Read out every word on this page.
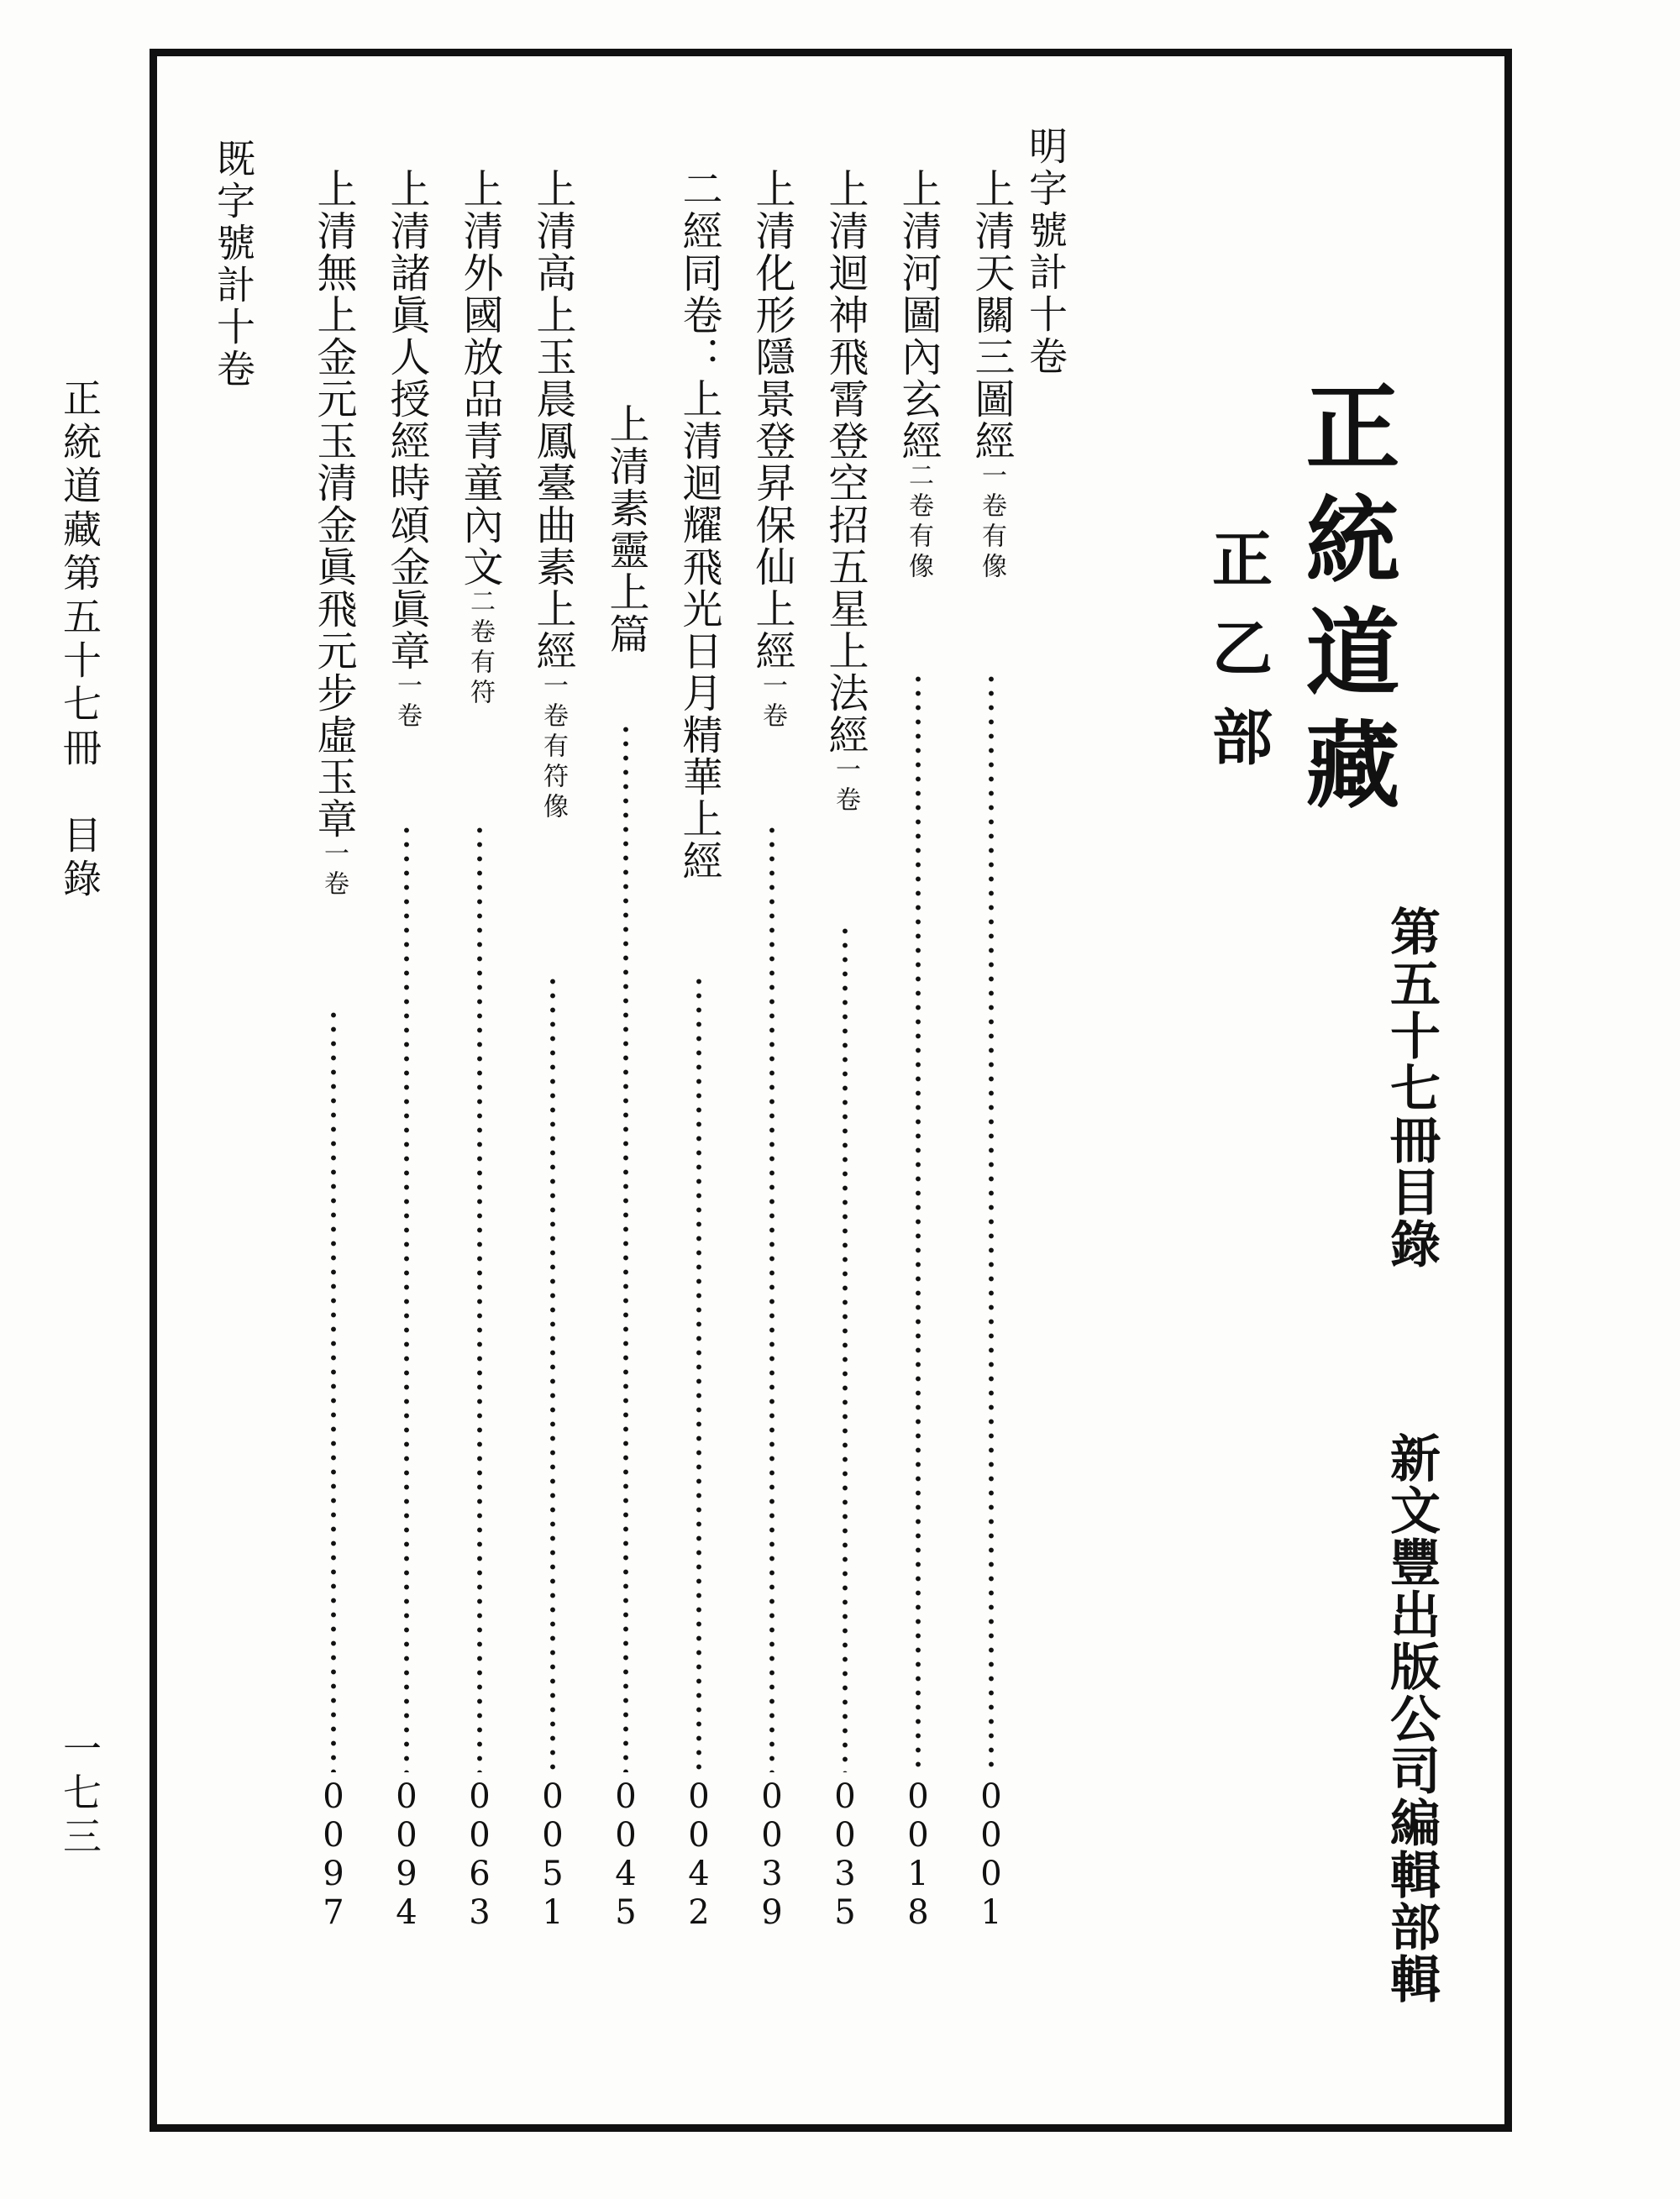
正統道藏
正乙部
第五十七冊目錄
新文豐出版公司編輯部輯
明字號計十卷
上清天關三圖經一卷有像
0001
上清河圖內玄經二卷有像
0018
上清迴神飛霄登空招五星上法經一卷
0035
上清化形隱景登昇保仙上經一卷
0039
二經同卷：上清迴耀飛光日月精華上經
0042
上清素靈上篇
0045
上清高上玉晨鳳臺曲素上經一卷有符像
0051
上清外國放品青童內文二卷有符
0063
上清諸眞人授經時頌金眞章一卷
0094
上清無上金元玉清金眞飛元步虛玉章一卷
0097
既字號計十卷
正統道藏第五十七冊　目錄
一七三
